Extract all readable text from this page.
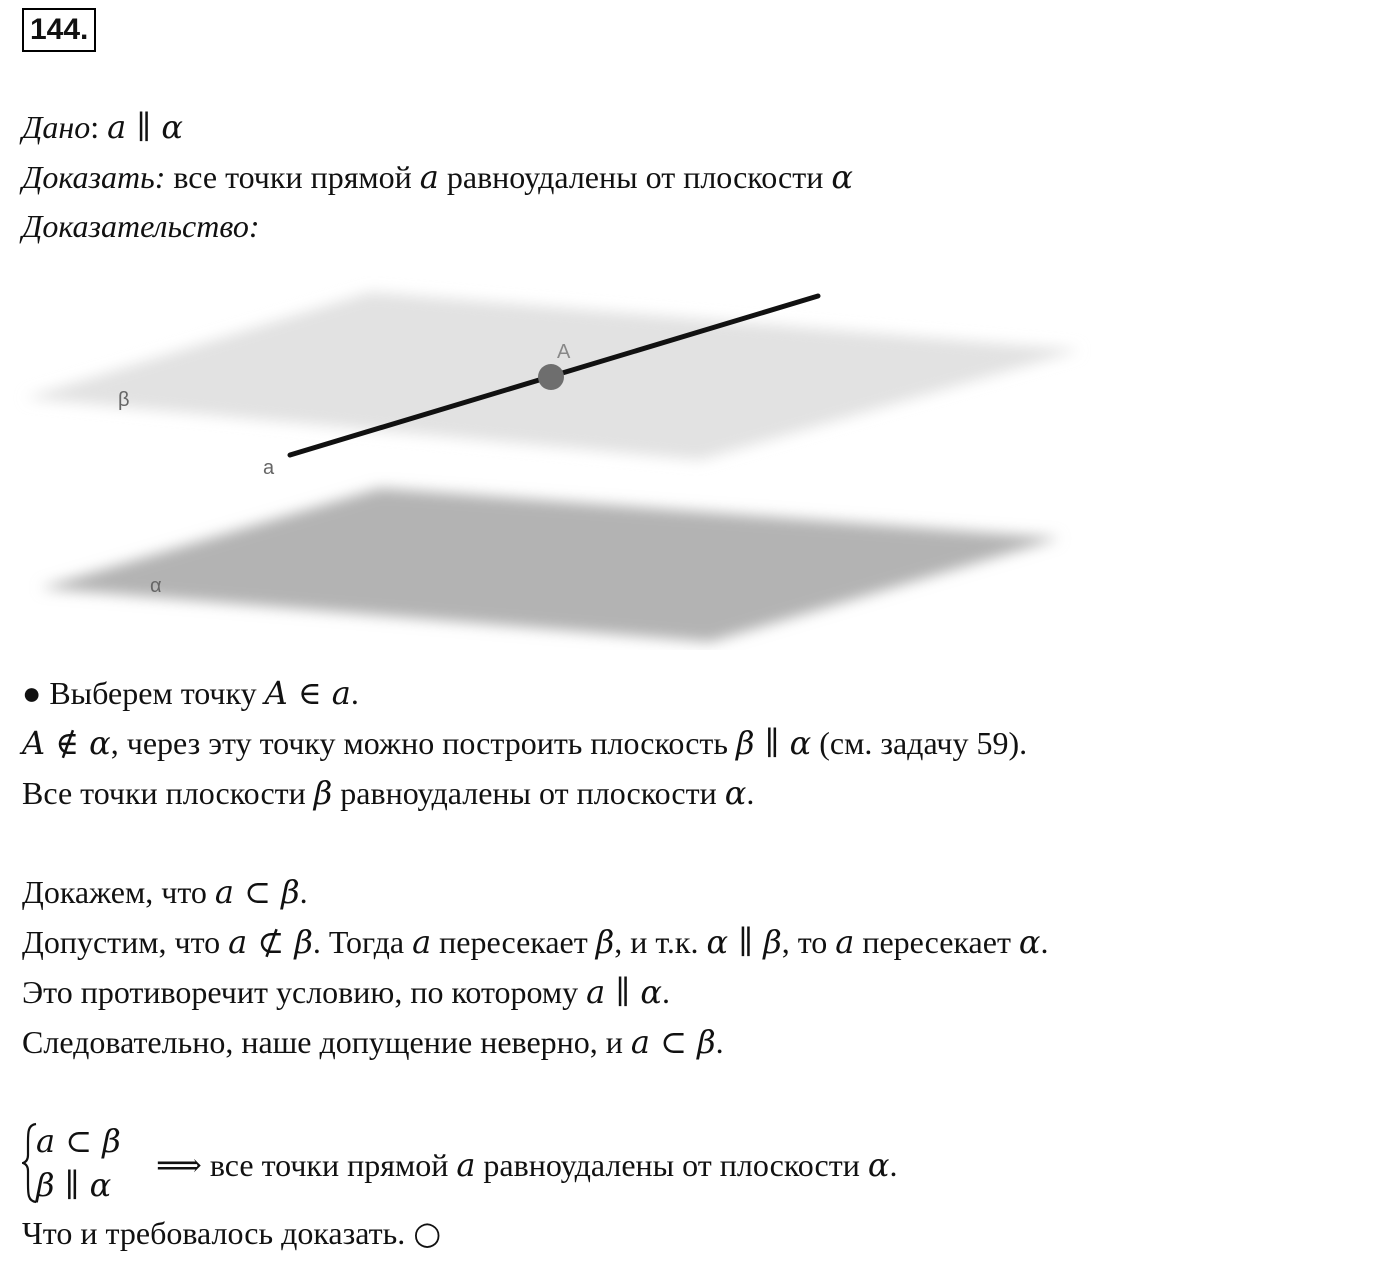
144.
Дано: a ∥ α
Доказать: все точки прямой a равноудалены от плоскости α
Доказательство:
β
a
A
α
● Выберем точку A ∈ a.
A ∉ α, через эту точку можно построить плоскость β ∥ α (см. задачу 59).
Все точки плоскости β равноудалены от плоскости α.
Докажем, что a ⊂ β.
Допустим, что a ⊄ β. Тогда a пересекает β, и т.к. α ∥ β, то a пересекает α.
Это противоречит условию, по которому a ∥ α.
Следовательно, наше допущение неверно, и a ⊂ β.
a ⊂ β
β ∥ α
⟹ все точки прямой a равноудалены от плоскости α.
Что и требовалось доказать. ○
